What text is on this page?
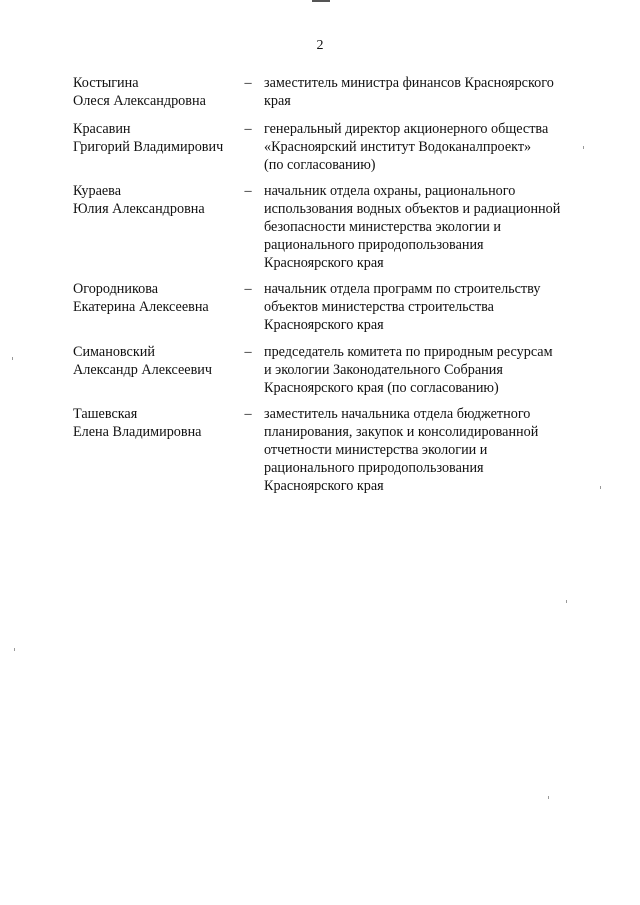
2
Костыгина
Олеся Александровна
– заместитель министра финансов Красноярского
края
Красавин
Григорий Владимирович
– генеральный директор акционерного общества
«Красноярский институт Водоканалпроект»
(по согласованию)
Кураева
Юлия Александровна
– начальник отдела охраны, рационального
использования водных объектов и радиационной
безопасности министерства экологии и
рационального природопользования
Красноярского края
Огородникова
Екатерина Алексеевна
– начальник отдела программ по строительству
объектов министерства строительства
Красноярского края
Симановский
Александр Алексеевич
– председатель комитета по природным ресурсам
и экологии Законодательного Собрания
Красноярского края (по согласованию)
Ташевская
Елена Владимировна
– заместитель начальника отдела бюджетного
планирования, закупок и консолидированной
отчетности министерства экологии и
рационального природопользования
Красноярского края
